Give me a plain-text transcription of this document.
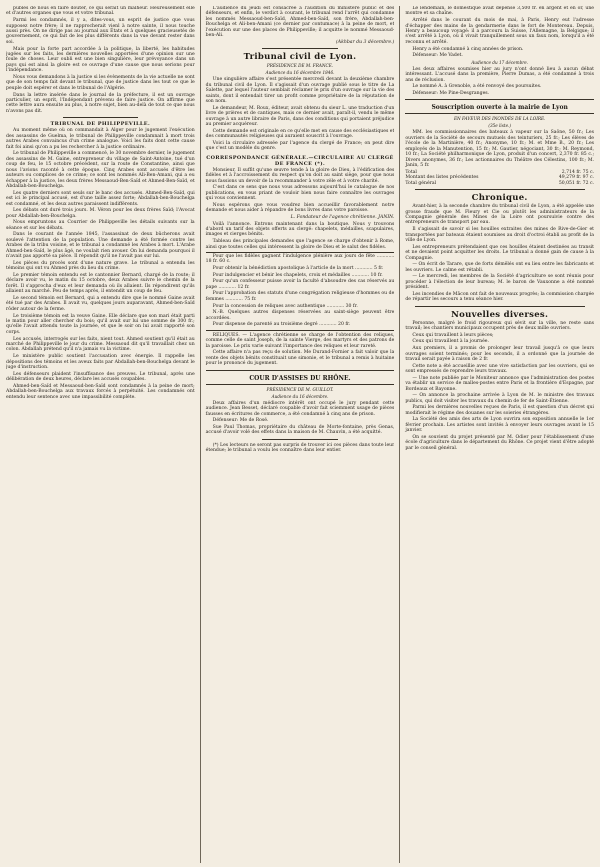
publés de nous en faire douter, ce qui serait un malheur. Heureusement elle et d'autres organes que vous et votre tribunal.

Parmi les condamnés, il y a, dites-vous, un esprit de justice que vous supposez notre frère; il ne rapprocherait vienl à notre sainte, il nous touche aussi près. On ne dirige pas au journal aux États et à quelques gracieusetés de gouvernement, ce qui fait de les plus différents dans la vue devant rester dans soi.

Mais pour la forte part accordée à la politique, la liberté, les habitudes jugées sur les faits, les dernières nouvelles apportées d'une opinion sur une foule de choses. Leur oubli est une bien singulière, leur prévoyance dans un pays qui est ainsi la gloire est ce ouvrage d'une cause que nous serions pour l'indépendance.

Nous vous demandons à la justice si les évènements de la vie actuelle ne sont que de son temps fait devant le tribunal, que de justice dans les tout ce que le peuple doit espérer et dans le tribunal de l'Algérie.

Dans la lettre insérée dans le journal de la préfecture, il est un ouvrage particulier, un esprit, l'Indépendant prévenu de faire justice. On affirme que cette lettre aura ensuite au plus, à notre sujet, bien au-delà de tout ce que nous n'avons pas dit.

TRIBUNAL DE PHILIPPEVILLE.

Au moment même où on commandait à Alger pour le jugement l'exécution des assassins de Guelma, le tribunal de Philippeville condamnait à mort trois autres Arabes convaincus d'un crime analogue. Voici les faits dont cette cause fait foi ainsi qu'on a pu les rechercher à la justice ordinaire.

Le tribunal de Philippeville a commencé, le 30 novembre dernier, le jugement des assassins de M. Gaine, entrepreneur du village de Saint-Antoine, tué d'un coup de feu, le 15 octobre précédent, sur la route de Constantine, ainsi que nous l'avions raconté à cette époque. Cinq Arabes sont accusés d'être les auteurs ou complices de ce crime; ce sont les nommés Ali-Ben-Amani, qui a eu échapper à la justice, les deux frères Messaoud-Ben-Saïd et Ahmed-Ben-Saïd, et Abdallah-ben-Bouchelga.

Les quatre derniers sont seuls sur le banc des accusés. Ahmed-Ben-Saïd, qui est ici le principal accusé, est d'une taille assez forte; Abdallah-ben-Bouchelga est condamné, et les deux autres paraissent indifférents.

Les débats ont duré trois jours. M. Véron pour les deux frères Saïd; l'Avocat pour Abdallah-ben-Bouchelga.

Nous empruntons au Courrier de Philippeville les détails suivants sur la séance et sur les débats.

Dans le courant de l'année 1845, l'assassinat de deux bûcherons avait soulevé l'attention de la population. Une demande a été formée contre les Arabes de la tribu voisine, et le tribunal a condamné les Arabes à mort. L'Arabe Ahmed-ben-Saïd, le plus âgé, ne voulait rien avouer. On lui demanda pourquoi il n'avait pas apporté sa pièce. Il répondit qu'il ne l'avait pas sur lui.

Les pièces du procès sont d'une nature grave. Le tribunal a entendu les témoins qui ont vu Ahmed près du lieu du crime.

Le premier témoin entendu est le cantonnier Bernard, chargé de la route; il déclare avoir vu, le matin du 15 octobre, deux Arabes suivre le chemin de la forêt. Il s'approcha d'eux et leur demanda où ils allaient. Ils répondirent qu'ils allaient au marché. Peu de temps après, il entendit un coup de feu.

Le second témoin est Bernard, qui a entendu dire que le nommé Gaine avait été tué par des Arabes. Il avait vu, quelques jours auparavant, Ahmed-ben-Saïd rôder autour de la ferme.

Le troisième témoin est la veuve Gaine. Elle déclare que son mari était parti le matin pour aller chercher du bois; qu'il avait sur lui une somme de 300 fr.; qu'elle l'avait attendu toute la journée, et que le soir on lui avait rapporté son corps.

Les accusés, interrogés sur les faits, nient tout. Ahmed soutient qu'il était au marché de Philippeville le jour du crime. Messaoud dit qu'il travaillait chez un colon. Abdallah prétend qu'il n'a jamais vu la victime.

Le ministère public soutient l'accusation avec énergie. Il rappelle les dépositions des témoins et les aveux faits par Abdallah-ben-Bouchelga devant le juge d'instruction.

Les défenseurs plaident l'insuffisance des preuves. Le tribunal, après une délibération de deux heures, déclare les accusés coupables.

Ahmed-ben-Saïd et Messaoud-ben-Saïd sont condamnés à la peine de mort; Abdallah-ben-Bouchelga aux travaux forcés à perpétuité. Les condamnés ont entendu leur sentence avec une impassibilité complète.

L'audience du jeudi est consacrée à l'audition du ministère public et des défenseurs, et enfin, le verdict à courant, le tribunal rend l'arrêt qui condamne les nommés Messaoud-ben-Saïd, Ahmed-ben-Saïd, son frère, Abdallah-ben-Bouchelga et Ali-ben-Amani (ce dernier par contumace) à la peine de mort, et l'exécution sur une des places de Philippeville; il acquitte le nommé Messaoud-ben-Ali.

(Akhbar du 3 décembre.)

Tribunal civil de Lyon.

PRÉSIDENCE DE M. FRANCE.

Audience du 16 décembre 1846.

Une singulière affaire s'est présentée mercredi devant la deuxième chambre du tribunal civil de Lyon. Il s'agissait d'un ouvrage publié sous le titre de La Salette, par lequel l'auteur semblait réclamer le prix d'un ouvrage sur la vie des saints, dont il entendait tirer un profit comme propriétaire de la réputation de son nom.

Le demandeur, M. Roux, éditeur, avait obtenu du sieur L. une traduction d'un livre de prières et de cantiques, mais ce dernier avait, paraît-il, vendu le même ouvrage à un autre libraire de Paris, dans des conditions qui portaient préjudice au premier acquéreur.

Cette demande est originale en ce qu'elle met en cause des ecclésiastiques et des communautés religieuses qui auraient souscrit à l'ouvrage.

Voici la circulaire adressée par l'agence du clergé de France; on peut dire que c'est un modèle du genre.

CORRESPONDANCE GÉNÉRALE.—CIRCULAIRE AU CLERGÉ DE FRANCE (*).

Monsieur, Il suffit qu'une œuvre tende à la gloire de Dieu, à l'édification des fidèles et à l'accroissement du respect qu'on doit au saint siège, pour que nous nous fassions un devoir de la recommander à votre zèle et à votre charité.

C'est dans ce sens que nous vous adressons aujourd'hui le catalogue de nos publications, en vous priant de vouloir bien nous faire connaître les ouvrages qui vous conviennent.

Nous espérons que vous voudrez bien accueillir favorablement notre demande et nous aider à répandre de bons livres dans votre paroisse.

L. Fondateur de l'agence chrétienne. JANIN.

Voilà l'annonce. Entrons maintenant dans la boutique. Nous y trouvons d'abord un tarif des objets offerts au clergé: chapelets, médailles, scapulaires, images et cierges bénits.

Tableau des principales demandes que l'agence se charge d'obtenir à Rome, ainsi que toutes celles qui intéressent la gloire de Dieu et le salut des fidèles.

Pour que les fidèles gagnent l'indulgence plénière aux jours de fête ............ 18 fr. 60 c.

Pour obtenir la bénédiction apostolique à l'article de la mort ............ 5 fr.

Pour indulgencier et bénir les chapelets, croix et médailles ............ 10 fr.

Pour qu'un confesseur puisse avoir la faculté d'absoudre des cas réservés au pape ............ 12 fr.

Pour l'approbation des statuts d'une congrégation religieuse d'hommes ou de femmes ............ 75 fr.

Pour la concession de reliques avec authentique ............ 30 fr.

N.-B. Quelques autres dispenses réservées au saint-siège peuvent être accordées.

Pour dispense de parenté au troisième degré ............ 20 fr.

RELIQUES. — L'agence chrétienne se charge de l'obtention des reliques, comme celle de saint Joseph, de la sainte Vierge, des martyrs et des patrons de la paroisse. Le prix varie suivant l'importance des reliques et leur rareté.

Cette affaire n'a pas reçu de solution. Me Durand-Fornier a fait valoir que la vente des objets bénits constituait une simonie, et le tribunal a remis à huitaine pour le prononcé du jugement.

COUR D'ASSISES DU RHÔNE.

PRÉSIDENCE DE M. GUILLOT.

Audience du 16 décembre.

Deux affaires d'un médiocre intérêt ont occupé le jury pendant cette audience. Jean Besset, déclaré coupable d'avoir fait sciemment usage de pièces fausses en écritures de commerce, a été condamné à cinq ans de prison.

Défenseur: Me de Rosé.

Sue Paul Thomas, propriétaire du château de Morte-fontaine, près Genas, accusé d'avoir volé des effets dans la maison de M. Chauvin, a été acquitté.

(*) Les lecteurs ne seront pas surpris de trouver ici ces pièces dans toute leur étendue; le tribunal a voulu les connaître dans leur entier.

Le lendemain, le domestique avait dépensé 3,500 fr. en argent et en or, une montre et sa chaîne.

Arrêté dans le courant du mois de mai, à Paris, Henry eut l'adresse d'échapper des mains de la gendarmerie dans le fort de Montereau. Depuis, Henry a beaucoup voyagé: il a parcouru la Suisse, l'Allemagne, la Belgique; il s'est arrêté à Lyon, où il vivait tranquillement sous un faux nom, lorsqu'il a été reconnu et arrêté.

Henry a été condamné à cinq années de prison.

Défenseur: Me Vadet.

Audience du 17 décembre.

Les deux affaires soumises hier au jury n'ont donné lieu à aucun débat intéressant. L'accusé dans la première, Pierre Dumas, a été condamné à trois ans de réclusion.

Le nommé A. à Grenoble, a été renvoyé des poursuites.

Défenseur: Me Pine-Desgranges.

Souscription ouverte à la mairie de Lyon

EN FAVEUR DES INONDÉS DE LA LOIRE.

(35e liste.)

MM. les commissionnaires des bateaux à vapeur sur la Saône, 50 fr.; Les ouvriers de la Société de secours mutuels des teinturiers, 25 fr.; Les élèves de l'école de la Martinière, 40 fr.; Anonyme, 10 fr.; M. et Mme B., 20 fr.; Les employés de la Manutention, 15 fr.; M. Gautier, négociant, 30 fr.; M. Reymond, 10 fr.; La Société philharmonique de Lyon, produit d'un concert, 2,370 fr. 85 c.; Divers anonymes, 36 fr.; Les actionnaires du Théâtre des Célestins, 100 fr.; M. Janin, 5 fr.

Total	2,714 fr. 75 c.
Montant des listes précédentes	49,279 fr. 97 c.
Total général	50,051 fr. 72 c.

Chronique.

Avant-hier, à la seconde chambre du tribunal civil de Lyon, a été appelée une grosse fraude que M. Fleury et Cie ou plutôt les administrateurs de la Compagnie générale des Mines de la Loire ont poursuivie contre des entrepreneurs de transport par eau.

Il s'agissait de savoir si les houilles extraites des mines de Rive-de-Gier et transportées par bateaux étaient soumises au droit d'octroi établi au profit de la ville de Lyon.

Les entrepreneurs prétendaient que ces houilles étaient destinées au transit et ne devaient point acquitter les droits. Le tribunal a donné gain de cause à la Compagnie.

— On écrit de Tarare, que de forts démêlés ont eu lieu entre les fabricants et les ouvriers. Le calme est rétabli.

— Le mercredi, les membres de la Société d'agriculture se sont réunis pour procéder à l'élection de leur bureau; M. le baron de Vauxonne a été nommé président.

Les incendies de Mâcon ont fait de nouveaux progrès; la commission chargée de répartir les secours a tenu séance hier.

Nouvelles diverses.

Personne, malgré le froid rigoureux qui sévit sur la ville, ne reste sans travail; les chantiers municipaux occupent près de deux mille ouvriers.

Ceux qui travaillent à leurs pièces;

Ceux qui travaillent à la journée.

Aux premiers, il a promis de prolonger leur travail jusqu'à ce que leurs ouvrages soient terminés; pour les seconds, il a ordonné que la journée de travail serait payée à raison de 2 fr.

Cette note a été accueillie avec une vive satisfaction par les ouvriers, qui se sont empressés de reprendre leurs travaux.

— Une note publiée par le Moniteur annonce que l'administration des postes va établir un service de malles-postes entre Paris et la frontière d'Espagne, par Bordeaux et Bayonne.

— On annonce la prochaine arrivée à Lyon de M. le ministre des travaux publics, qui doit visiter les travaux du chemin de fer de Saint-Étienne.

Parmi les dernières nouvelles reçues de Paris, il est question d'un décret qui modifierait le régime des douanes sur les soieries étrangères.

La Société des amis des arts de Lyon ouvrira son exposition annuelle le 1er février prochain. Les artistes sont invités à envoyer leurs ouvrages avant le 15 janvier.

On se souvient du projet présenté par M. Odier pour l'établissement d'une école d'agriculture dans le département du Rhône. Ce projet vient d'être adopté par le conseil général.
